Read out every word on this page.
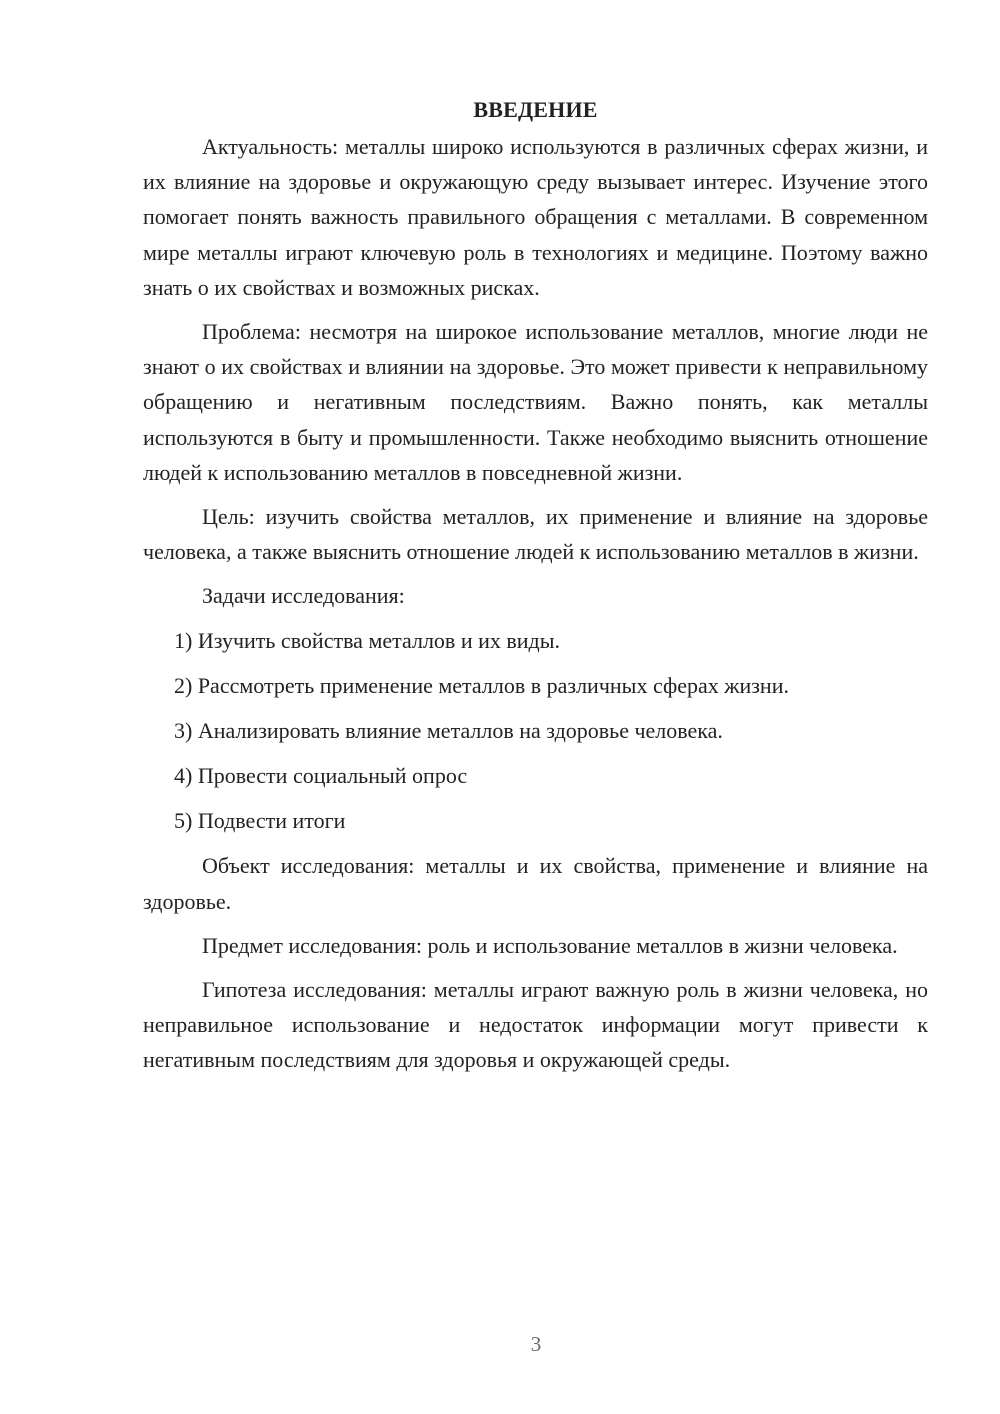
ВВЕДЕНИЕ

Актуальность: металлы широко используются в различных сферах жизни, и их влияние на здоровье и окружающую среду вызывает интерес. Изучение этого помогает понять важность правильного обращения с металлами. В современном мире металлы играют ключевую роль в технологиях и медицине. Поэтому важно знать о их свойствах и возможных рисках.

Проблема: несмотря на широкое использование металлов, многие люди не знают о их свойствах и влиянии на здоровье. Это может привести к неправильному обращению и негативным последствиям. Важно понять, как металлы используются в быту и промышленности. Также необходимо выяснить отношение людей к использованию металлов в повседневной жизни.

Цель: изучить свойства металлов, их применение и влияние на здоровье человека, а также выяснить отношение людей к использованию металлов в жизни.

Задачи исследования:
1) Изучить свойства металлов и их виды.
2) Рассмотреть применение металлов в различных сферах жизни.
3) Анализировать влияние металлов на здоровье человека.
4) Провести социальный опрос
5) Подвести итоги

Объект исследования: металлы и их свойства, применение и влияние на здоровье.

Предмет исследования: роль и использование металлов в жизни человека.

Гипотеза исследования: металлы играют важную роль в жизни человека, но неправильное использование и недостаток информации могут привести к негативным последствиям для здоровья и окружающей среды.

3
